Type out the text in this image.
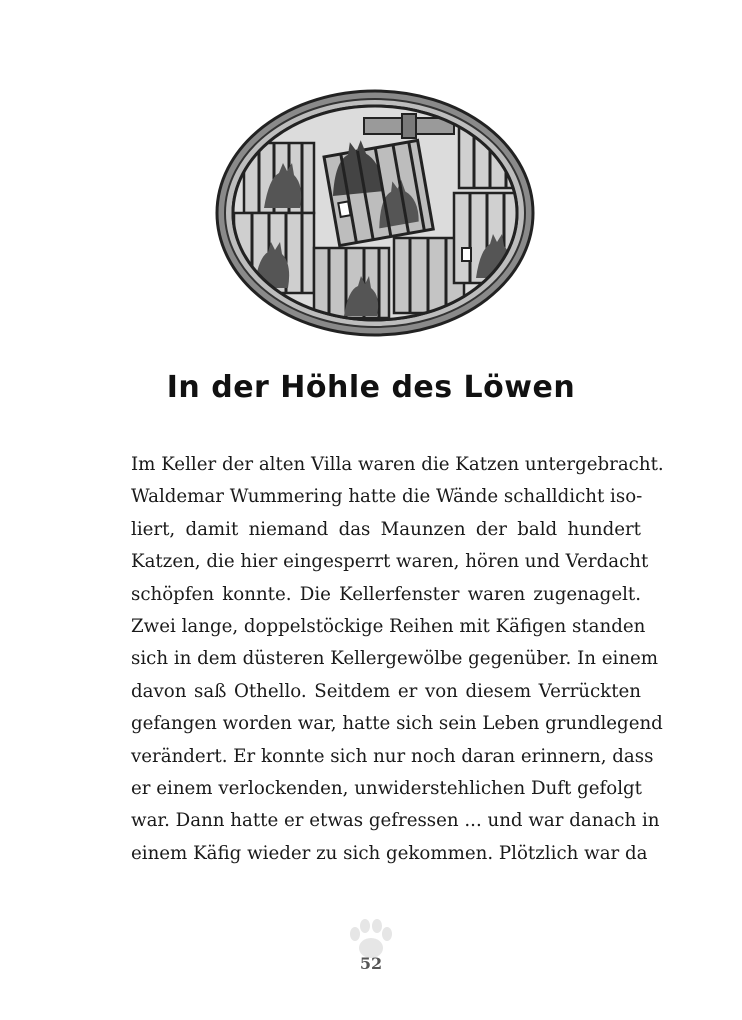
In der Höhle des Löwen
Im Keller der alten Villa waren die Katzen untergebracht.
Waldemar Wummering hatte die Wände schalldicht iso-
liert, damit niemand das Maunzen der bald hundert
Katzen, die hier eingesperrt waren, hören und Verdacht
schöpfen konnte. Die Kellerfenster waren zugenagelt.
Zwei lange, doppelstöckige Reihen mit Käfigen standen
sich in dem düsteren Kellergewölbe gegenüber. In einem
davon saß Othello. Seitdem er von diesem Verrückten
gefangen worden war, hatte sich sein Leben grundlegend
verändert. Er konnte sich nur noch daran erinnern, dass
er einem verlockenden, unwiderstehlichen Duft gefolgt
war. Dann hatte er etwas gefressen ... und war danach in
einem Käfig wieder zu sich gekommen. Plötzlich war da
52
